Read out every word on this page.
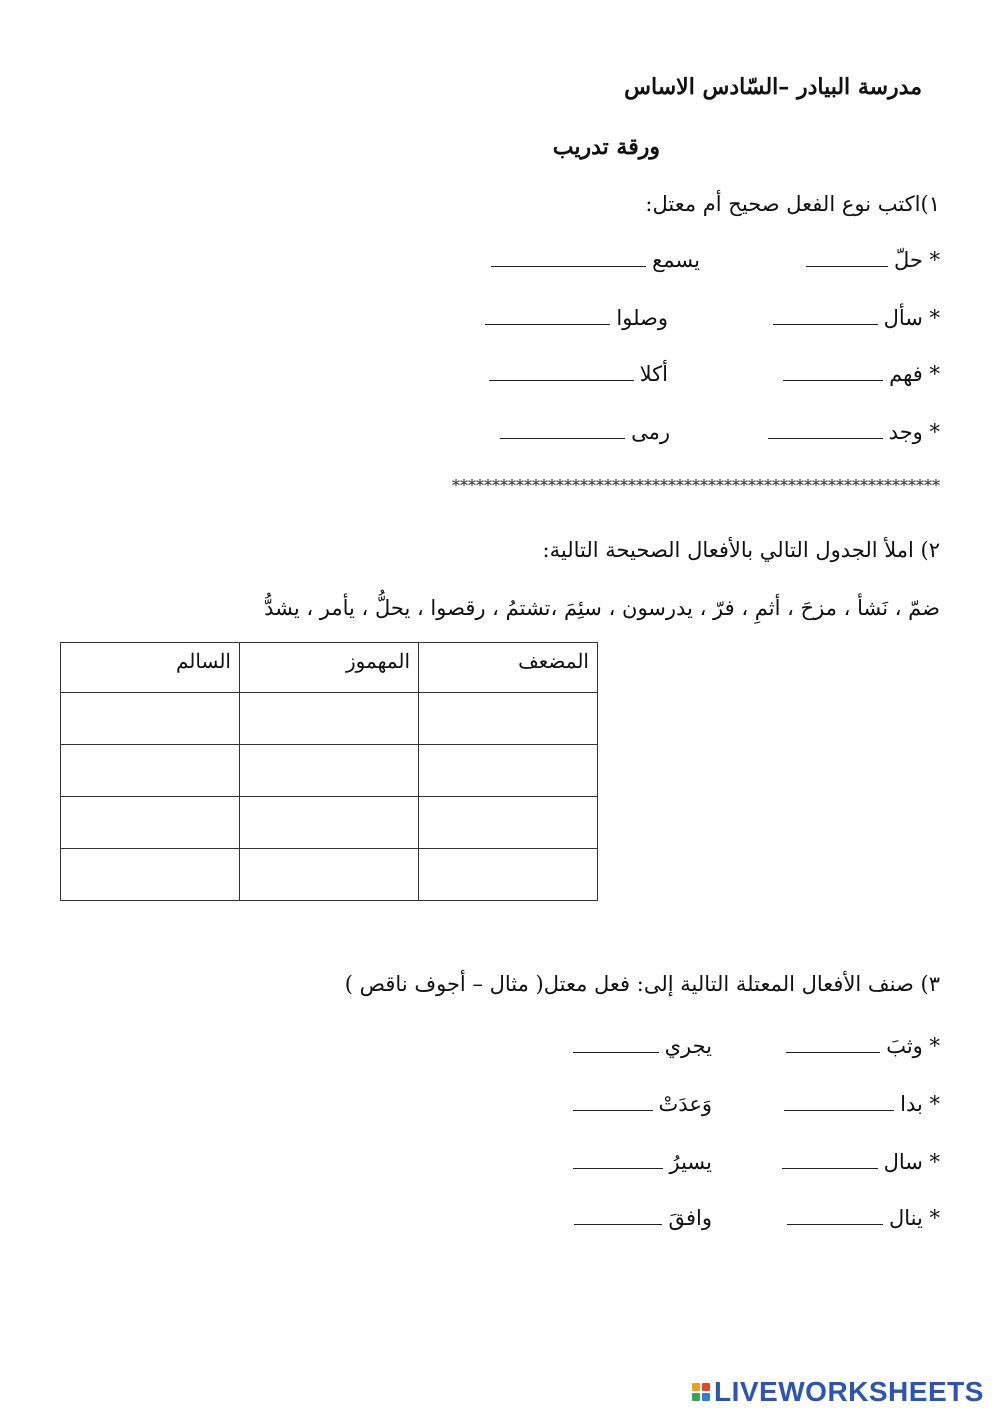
مدرسة البيادر –السّادس الاساس
ورقة تدريب
١)اكتب نوع الفعل صحيح أم معتل:
* حلّ
يسمع
* سأل
وصلوا
* فهم
أكلا
* وجد
رمى
*************************************************************
٢) املأ الجدول التالي بالأفعال الصحيحة التالية:
ضمّ ، نَشأ ، مزحَ ، أثمِ ، فرّ ، يدرسون ، سئِمَ ،تشتمُ ، رقصوا ، يحلُّ ، يأمر ، يشدُّ
المضعف	المهموز	السالم

٣) صنف الأفعال المعتلة التالية إلى: فعل معتل( مثال – أجوف ناقص )
* وثبَ
يجري
* بدا
وَعدَتْ
* سال
يسيرُ
* ينال
وافقَ
LIVEWORKSHEETS
